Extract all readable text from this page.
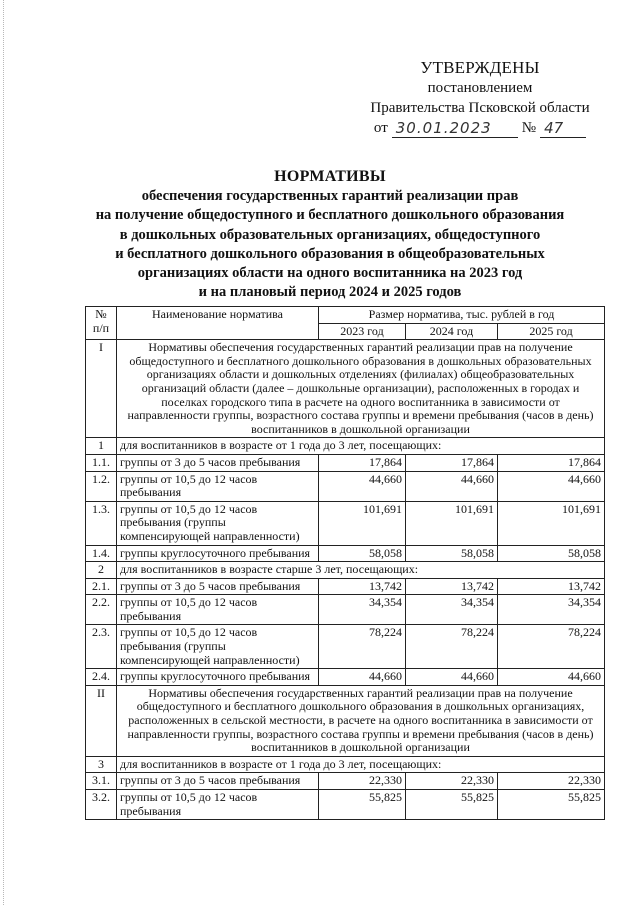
УТВЕРЖДЕНЫ
постановлением
Правительства Псковской области
от 30.01.2023	№ 47
НОРМАТИВЫ
обеспечения государственных гарантий реализации прав
на получение общедоступного и бесплатного дошкольного образования
в дошкольных образовательных организациях, общедоступного
и бесплатного дошкольного образования в общеобразовательных
организациях области на одного воспитанника на 2023 год
и на плановый период 2024 и 2025 годов
№ п/п	Наименование норматива	Размер норматива, тыс. рублей в год		
		2023 год	2024 год	2025 год
I	Нормативы обеспечения государственных гарантий реализации прав на получение общедоступного и бесплатного дошкольного образования в дошкольных образовательных организациях области и дошкольных отделениях (филиалах) общеобразовательных организаций области (далее – дошкольные организации), расположенных в городах и поселках городского типа в расчете на одного воспитанника в зависимости от направленности группы, возрастного состава группы и времени пребывания (часов в день) воспитанников в дошкольной организации			
1	для воспитанников в возрасте от 1 года до 3 лет, посещающих:			
1.1.	группы от 3 до 5 часов пребывания	17,864	17,864	17,864
1.2.	группы от 10,5 до 12 часов пребывания	44,660	44,660	44,660
1.3.	группы от 10,5 до 12 часов пребывания (группы компенсирующей направленности)	101,691	101,691	101,691
1.4.	группы круглосуточного пребывания	58,058	58,058	58,058
2	для воспитанников в возрасте старше 3 лет, посещающих:			
2.1.	группы от 3 до 5 часов пребывания	13,742	13,742	13,742
2.2.	группы от 10,5 до 12 часов пребывания	34,354	34,354	34,354
2.3.	группы от 10,5 до 12 часов пребывания (группы компенсирующей направленности)	78,224	78,224	78,224
2.4.	группы круглосуточного пребывания	44,660	44,660	44,660
II	Нормативы обеспечения государственных гарантий реализации прав на получение общедоступного и бесплатного дошкольного образования в дошкольных организациях, расположенных в сельской местности, в расчете на одного воспитанника в зависимости от направленности группы, возрастного состава группы и времени пребывания (часов в день) воспитанников в дошкольной организации			
3	для воспитанников в возрасте от 1 года до 3 лет, посещающих:			
3.1.	группы от 3 до 5 часов пребывания	22,330	22,330	22,330
3.2.	группы от 10,5 до 12 часов пребывания	55,825	55,825	55,825
